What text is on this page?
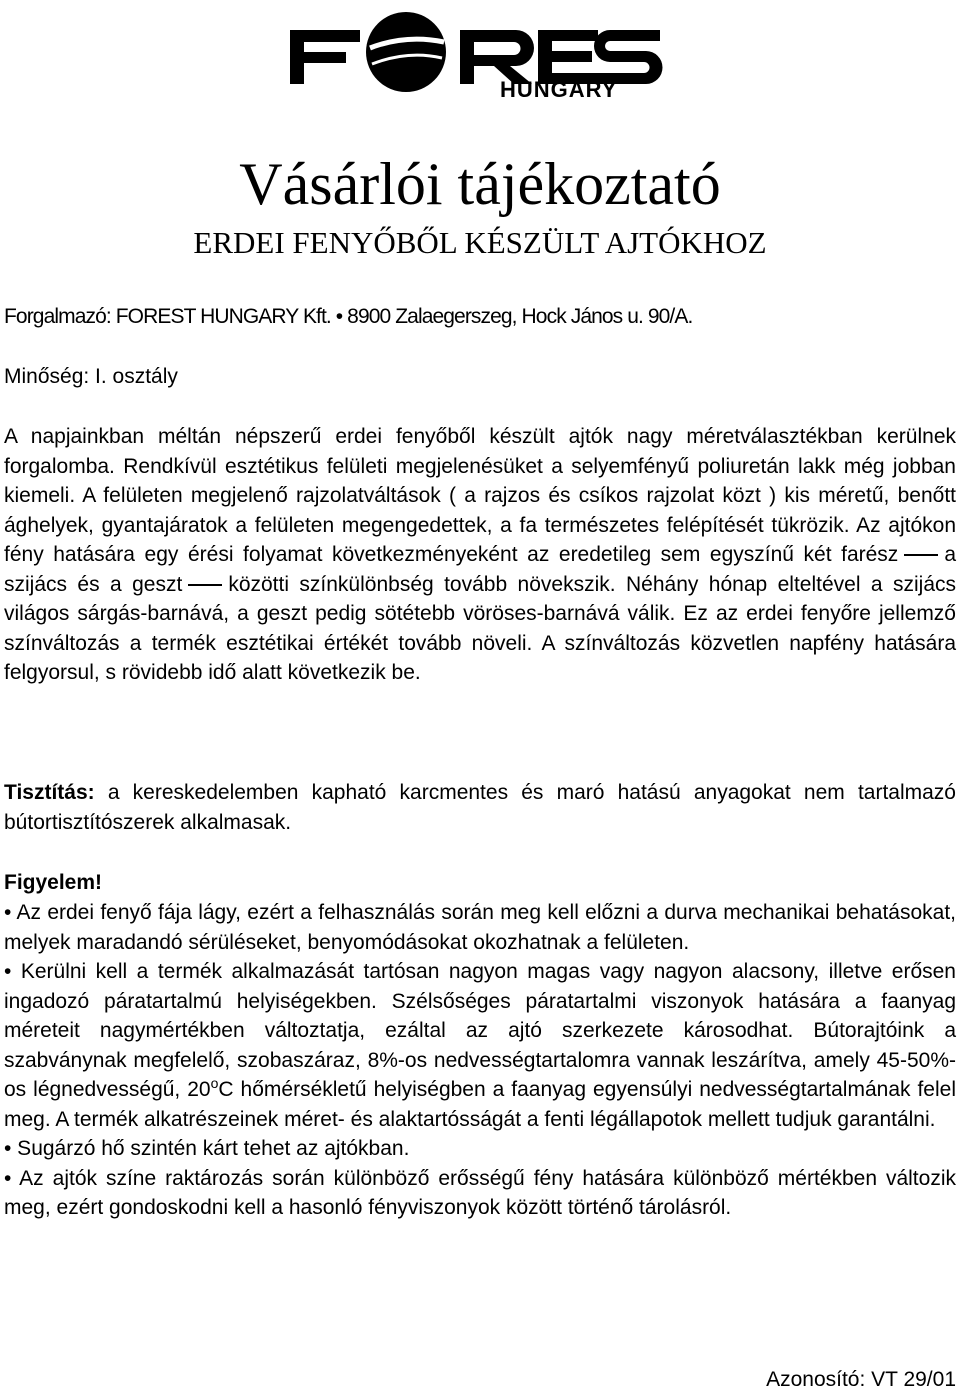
HUNGARY
Vásárlói tájékoztató
ERDEI FENYŐBŐL KÉSZÜLT AJTÓKHOZ
Forgalmazó: FOREST HUNGARY Kft. • 8900 Zalaegerszeg, Hock János u. 90/A.
Minőség: I. osztály

A napjainkban méltán népszerű erdei fenyőből készült ajtók nagy méretválasztékban kerülnek forgalomba. Rendkívül esztétikus felületi megjelenésüket a selyemfényű poliuretán lakk még jobban kiemeli. A felületen megjelenő rajzolatváltások ( a rajzos és csíkos rajzolat közt ) kis méretű, benőtt ághelyek, gyantajáratok a felületen megengedettek, a fa természetes felépítését tükrözik. Az ajtókon fény hatására egy érési folyamat következményeként az eredetileg sem egyszínű két farész a szijács és a geszt közötti színkülönbség tovább növekszik. Néhány hónap elteltével a szijács világos sárgás-barnává, a geszt pedig sötétebb vöröses-barnává válik. Ez az erdei fenyőre jellemző színváltozás a termék esztétikai értékét tovább növeli. A színváltozás közvetlen napfény hatására felgyorsul, s rövidebb idő alatt következik be.

Tisztítás: a kereskedelemben kapható karcmentes és maró hatású anyagokat nem tartalmazó bútortisztítószerek alkalmasak.

Figyelem!

• Az erdei fenyő fája lágy, ezért a felhasználás során meg kell előzni a durva mechanikai behatásokat, melyek maradandó sérüléseket, benyomódásokat okozhatnak a felületen.

• Kerülni kell a termék alkalmazását tartósan nagyon magas vagy nagyon alacsony, illetve erősen ingadozó páratartalmú helyiségekben. Szélsőséges páratartalmi viszonyok hatására a faanyag méreteit nagymértékben változtatja, ezáltal az ajtó szerkezete károsodhat. Bútorajtóink a szabványnak megfelelő, szobaszáraz, 8%-os nedvességtartalomra vannak leszárítva, amely 45-50%-os légnedvességű, 20$^o$C hőmérsékletű helyiségben a faanyag egyensúlyi nedvességtartalmának felel meg. A termék alkatrészeinek méret- és alaktartósságát a fenti légállapotok mellett tudjuk garantálni.

• Sugárzó hő szintén kárt tehet az ajtókban.

• Az ajtók színe raktározás során különböző erősségű fény hatására különböző mértékben változik meg, ezért gondoskodni kell a hasonló fényviszonyok között történő tárolásról.

Azonosító: VT 29/01
